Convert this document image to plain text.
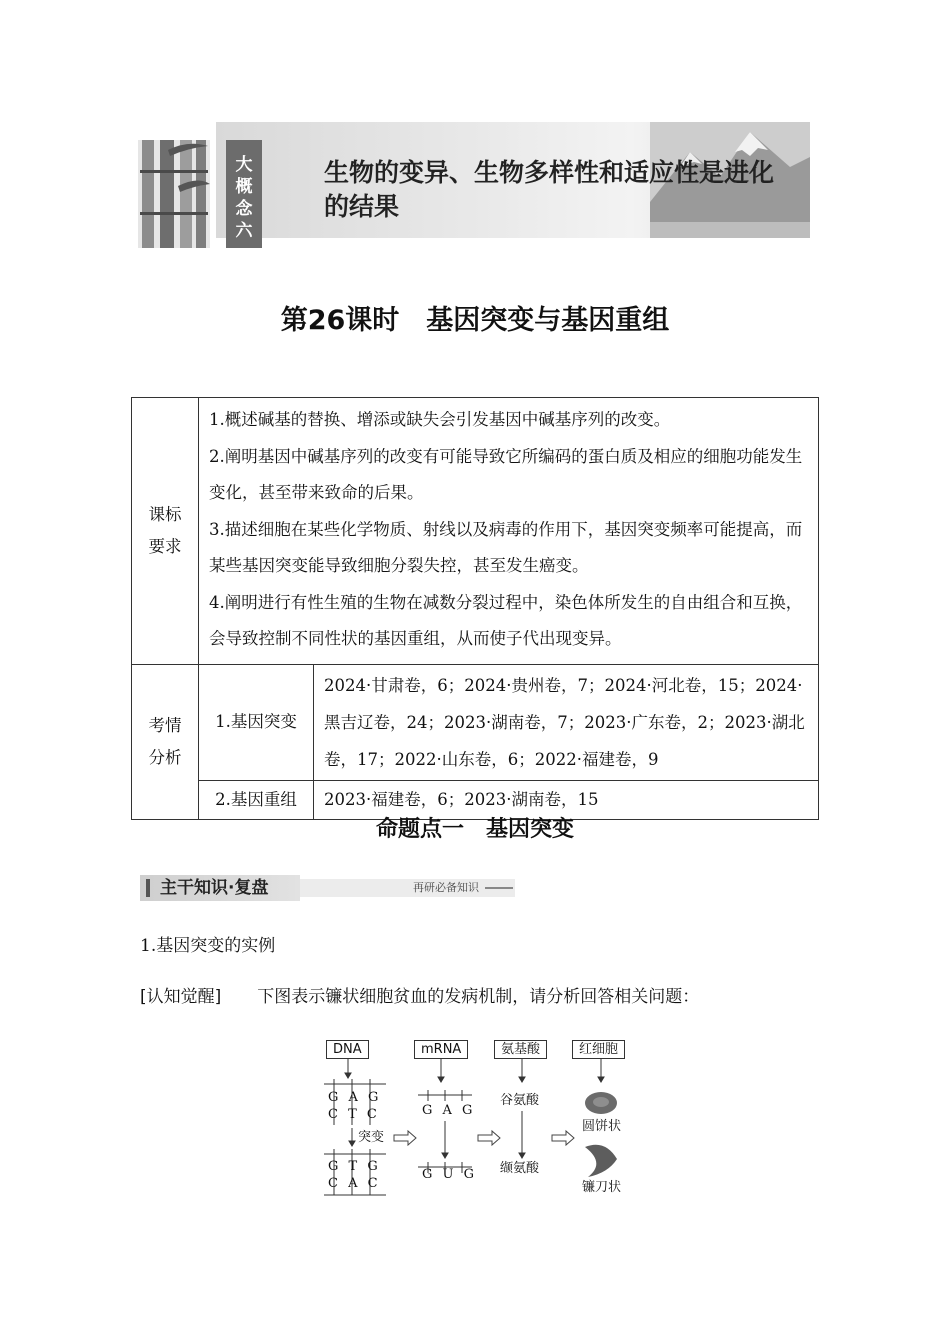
大
概
念
六
生物的变异、生物多样性和适应性是进化的结果
第26课时　基因突变与基因重组
课标要求	1.概述碱基的替换、增添或缺失会引发基因中碱基序列的改变。

2.阐明基因中碱基序列的改变有可能导致它所编码的蛋白质及相应的细胞功能发生变化，甚至带来致命的后果。

3.描述细胞在某些化学物质、射线以及病毒的作用下，基因突变频率可能提高，而某些基因突变能导致细胞分裂失控，甚至发生癌变。

4.阐明进行有性生殖的生物在减数分裂过程中，染色体所发生的自由组合和互换，会导致控制不同性状的基因重组，从而使子代出现变异。	

考情分析	1.基因突变	2024·甘肃卷，6；2024·贵州卷，7；2024·河北卷，15；2024·黑吉辽卷，24；2023·湖南卷，7；2023·广东卷，2；2023·湖北卷，17；2022·山东卷，6；2022·福建卷，9
	2.基因重组	2023·福建卷，6；2023·湖南卷，15
命题点一　基因突变
主干知识·复盘	再研必备知识
1.基因突变的实例
[认知觉醒] 下图表示镰状细胞贫血的发病机制，请分析回答相关问题：
DNA	mRNA	氨基酸	红细胞
G A G
C T C
突变
G T G
C A C
G A G
G U G
谷氨酸
缬氨酸
圆饼状
镰刀状
